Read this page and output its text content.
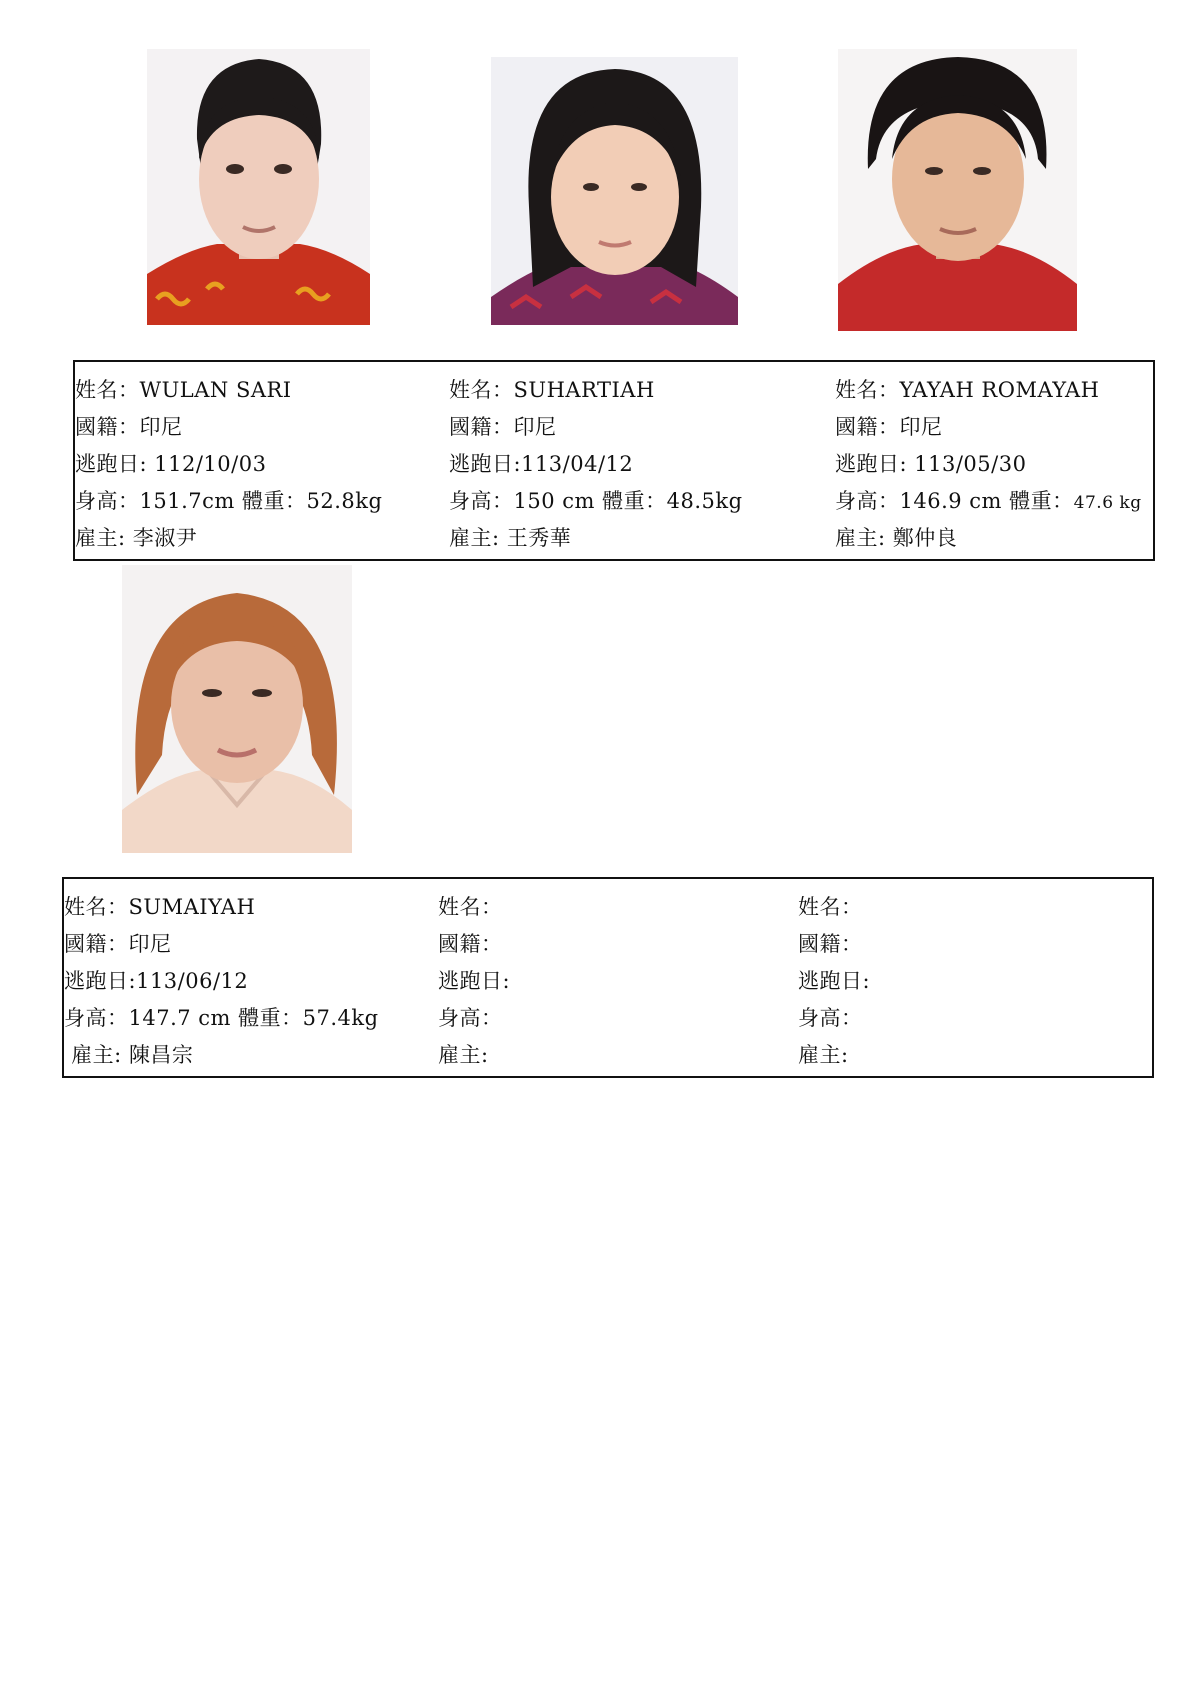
姓名：WULAN SARI
國籍：印尼
逃跑日: 112/10/03
身高：151.7cm 體重：52.8kg
雇主: 李淑尹
姓名：SUHARTIAH
國籍：印尼
逃跑日:113/04/12
身高：150 cm 體重：48.5kg
雇主: 王秀華
姓名：YAYAH ROMAYAH
國籍：印尼
逃跑日: 113/05/30
身高：146.9 cm 體重：47.6 kg
雇主: 鄭仲良
姓名：SUMAIYAH
國籍：印尼
逃跑日:113/06/12
身高：147.7 cm 體重：57.4kg
雇主: 陳昌宗
姓名：
國籍：
逃跑日:
身高：
雇主:
姓名：
國籍：
逃跑日:
身高：
雇主:
